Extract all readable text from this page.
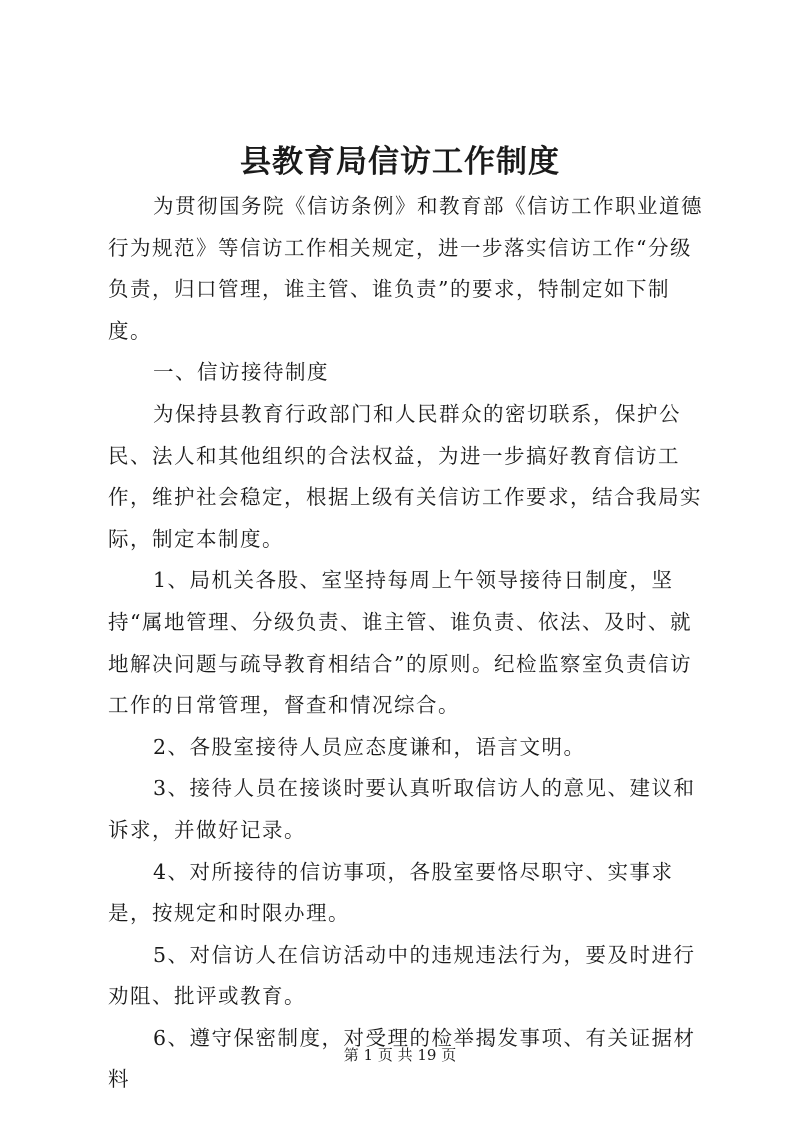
县教育局信访工作制度

为贯彻国务院《信访条例》和教育部《信访工作职业道德行为规范》等信访工作相关规定，进一步落实信访工作“分级负责，归口管理，谁主管、谁负责”的要求，特制定如下制度。

一、信访接待制度

为保持县教育行政部门和人民群众的密切联系，保护公民、法人和其他组织的合法权益，为进一步搞好教育信访工作，维护社会稳定，根据上级有关信访工作要求，结合我局实际，制定本制度。

1、局机关各股、室坚持每周上午领导接待日制度，坚持“属地管理、分级负责、谁主管、谁负责、依法、及时、就地解决问题与疏导教育相结合”的原则。纪检监察室负责信访工作的日常管理，督查和情况综合。

2、各股室接待人员应态度谦和，语言文明。

3、接待人员在接谈时要认真听取信访人的意见、建议和诉求，并做好记录。

4、对所接待的信访事项，各股室要恪尽职守、实事求是，按规定和时限办理。

5、对信访人在信访活动中的违规违法行为，要及时进行劝阻、批评或教育。

6、遵守保密制度，对受理的检举揭发事项、有关证据材料

第 1 页 共 19 页
